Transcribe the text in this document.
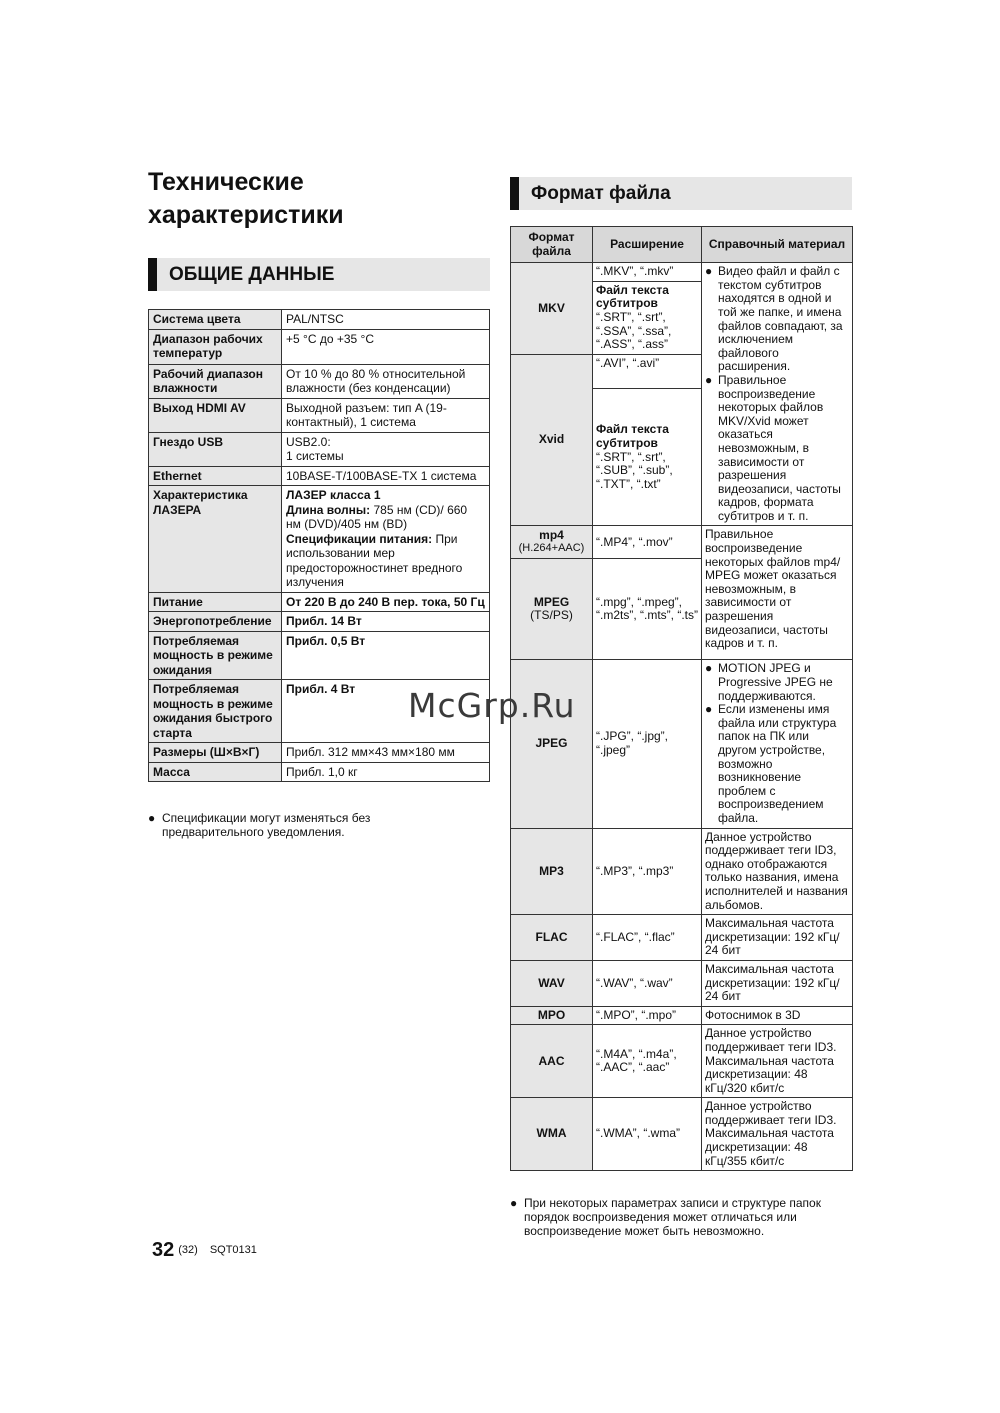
Технические
характеристики
ОБЩИЕ ДАННЫЕ
Система цвета	PAL/NTSC
Диапазон рабочих температур	+5 °C до +35 °C
Рабочий диапазон влажности	От 10 % до 80 % относительной влажности (без конденсации)
Выход HDMI AV	Выходной разъем: тип A (19-контактный), 1 система
Гнездо USB	USB2.0:
1 системы

Ethernet	10BASE-T/100BASE-TX 1 система
Характеристика ЛАЗЕРА	ЛАЗЕР класса 1
Длина волны: 785 нм (CD)/ 660 нм (DVD)/405 нм (BD)
Спецификации питания: При использовании мер предосторожностинет вредного излучения

Питание	От 220 В до 240 В пер. тока, 50 Гц
Энергопотребление	Прибл. 14 Вт
Потребляемая мощность в режиме ожидания	Прибл. 0,5 Вт
Потребляемая мощность в режиме ожидания быстрого старта	Прибл. 4 Вт
Размеры (Ш×В×Г)	Прибл. 312 мм×43 мм×180 мм
Масса	Прибл. 1,0 кг
● Спецификации могут изменяться без предварительного уведомления.
Формат файла
Формат файла	Расширение	Справочный материал
MKV	“.MKV”, “.mkv”	● Видео файл и файл с текстом субтитров находятся в одной и той же папке, и имена файлов совпадают, за исключением файлового расширения.
● Правильное воспроизведение некоторых файлов MKV/Xvid может оказаться невозможным, в зависимости от разрешения видеозаписи, частоты кадров, формата субтитров и т. п.

	Файл текста субтитров
“.SRT”, “.srt”, “.SSA”, “.ssa”, “.ASS”, “.ass”	

Xvid	“.AVI”, “.avi”	

	Файл текста субтитров
“.SRT”, “.srt”, “.SUB”, “.sub”, “.TXT”, “.txt”	

mp4
(H.264+AAC)	“.MP4”, “.mov”	Правильное воспроизведение некоторых файлов mp4/ MPEG может оказаться невозможным, в зависимости от разрешения видеозаписи, частоты кадров и т. п.

MPEG
(TS/PS)	“.mpg”, “.mpeg”, “.m2ts”, “.mts”, “.ts”	
JPEG	“.JPG”, “.jpg”, “.jpeg”	● MOTION JPEG и Progressive JPEG не поддерживаются.
● Если изменены имя файла или структура папок на ПК или другом устройстве, возможно возникновение проблем с воспроизведением файла.

MP3	“.MP3”, “.mp3”	Данное устройство поддерживает теги ID3, однако отображаются только названия, имена исполнителей и названия альбомов.
FLAC	“.FLAC”, “.flac”	Максимальная частота дискретизации: 192 кГц/ 24 бит
WAV	“.WAV”, “.wav”	Максимальная частота дискретизации: 192 кГц/ 24 бит
MPO	“.MPO”, “.mpo”	Фотоснимок в 3D
AAC	“.M4A”, “.m4a”, “.AAC”, “.aac”	Данное устройство поддерживает теги ID3. Максимальная частота дискретизации: 48 кГц/320 кбит/с
WMA	“.WMA”, “.wma”	Данное устройство поддерживает теги ID3. Максимальная частота дискретизации: 48 кГц/355 кбит/с
● При некоторых параметрах записи и структуре папок порядок воспроизведения может отличаться или воспроизведение может быть невозможно.
McGrp.Ru
32 (32) SQT0131
